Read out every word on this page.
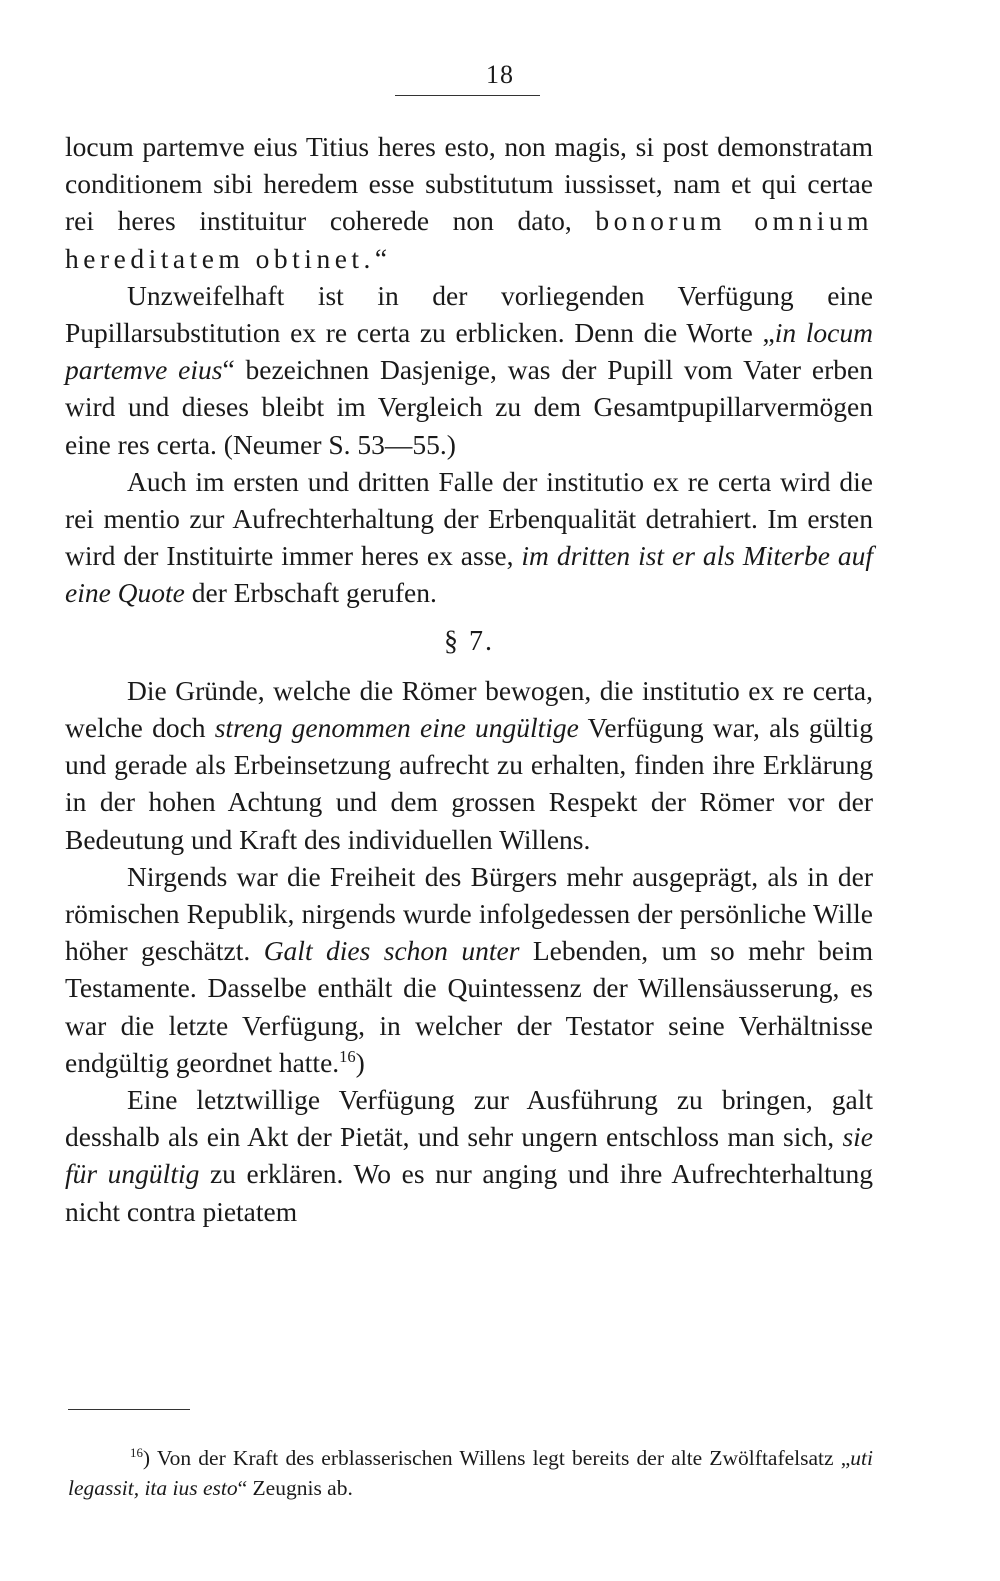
18

locum partemve eius Titius heres esto, non magis, si post demonstratam conditionem sibi heredem esse substitutum iussisset, nam et qui certae rei heres instituitur coherede non dato, bonorum omnium hereditatem obtinet.“

Unzweifelhaft ist in der vorliegenden Verfügung eine Pupillarsubstitution ex re certa zu erblicken. Denn die Worte „in locum partemve eius“ bezeichnen Dasjenige, was der Pupill vom Vater erben wird und dieses bleibt im Vergleich zu dem Gesamtpupillarvermögen eine res certa. (Neumer S. 53—55.)

Auch im ersten und dritten Falle der institutio ex re certa wird die rei mentio zur Aufrechterhaltung der Erbenqualität detrahiert. Im ersten wird der Instituirte immer heres ex asse, im dritten ist er als Miterbe auf eine Quote der Erbschaft gerufen.

§ 7.

Die Gründe, welche die Römer bewogen, die institutio ex re certa, welche doch streng genommen eine ungültige Verfügung war, als gültig und gerade als Erbeinsetzung aufrecht zu erhalten, finden ihre Erklärung in der hohen Achtung und dem grossen Respekt der Römer vor der Bedeutung und Kraft des individuellen Willens.

Nirgends war die Freiheit des Bürgers mehr ausgeprägt, als in der römischen Republik, nirgends wurde infolgedessen der persönliche Wille höher geschätzt. Galt dies schon unter Lebenden, um so mehr beim Testamente. Dasselbe enthält die Quintessenz der Willensäusserung, es war die letzte Verfügung, in welcher der Testator seine Verhältnisse endgültig geordnet hatte.$^{16}$)

Eine letztwillige Verfügung zur Ausführung zu bringen, galt desshalb als ein Akt der Pietät, und sehr ungern entschloss man sich, sie für ungültig zu erklären. Wo es nur anging und ihre Aufrechterhaltung nicht contra pietatem

$^{16}$) Von der Kraft des erblasserischen Willens legt bereits der alte Zwölftafelsatz „uti legassit, ita ius esto“ Zeugnis ab.
